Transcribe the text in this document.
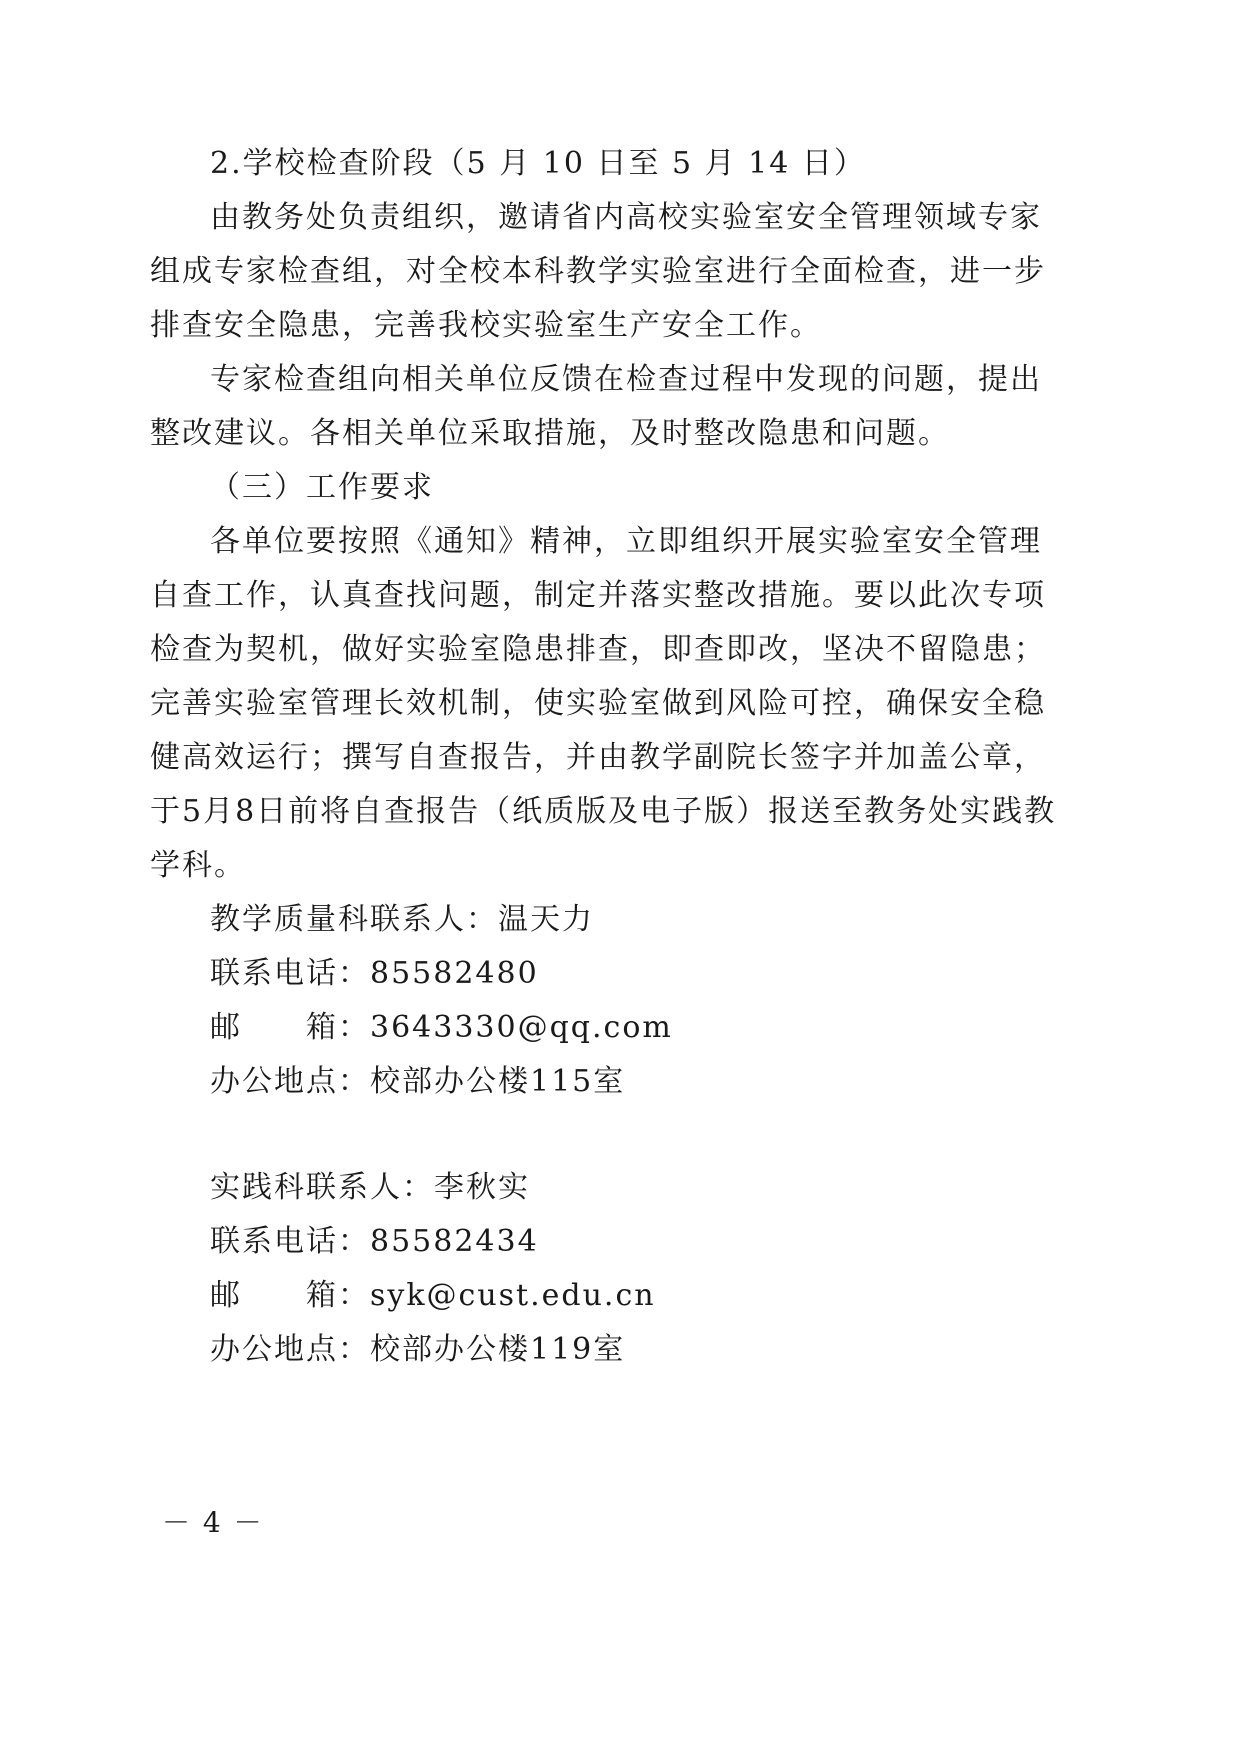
2.学校检查阶段（5 月 10 日至 5 月 14 日）

由教务处负责组织，邀请省内高校实验室安全管理领域专家

组成专家检查组，对全校本科教学实验室进行全面检查，进一步

排查安全隐患，完善我校实验室生产安全工作。

专家检查组向相关单位反馈在检查过程中发现的问题，提出

整改建议。各相关单位采取措施，及时整改隐患和问题。

（三）工作要求

各单位要按照《通知》精神，立即组织开展实验室安全管理

自查工作，认真查找问题，制定并落实整改措施。要以此次专项

检查为契机，做好实验室隐患排查，即查即改，坚决不留隐患；

完善实验室管理长效机制，使实验室做到风险可控，确保安全稳

健高效运行；撰写自查报告，并由教学副院长签字并加盖公章，

于5月8日前将自查报告（纸质版及电子版）报送至教务处实践教

学科。

教学质量科联系人：温天力

联系电话：85582480

邮　　箱：3643330@qq.com

办公地点：校部办公楼115室

实践科联系人：李秋实

联系电话：85582434

邮　　箱：syk@cust.edu.cn

办公地点：校部办公楼119室

－ 4 －
